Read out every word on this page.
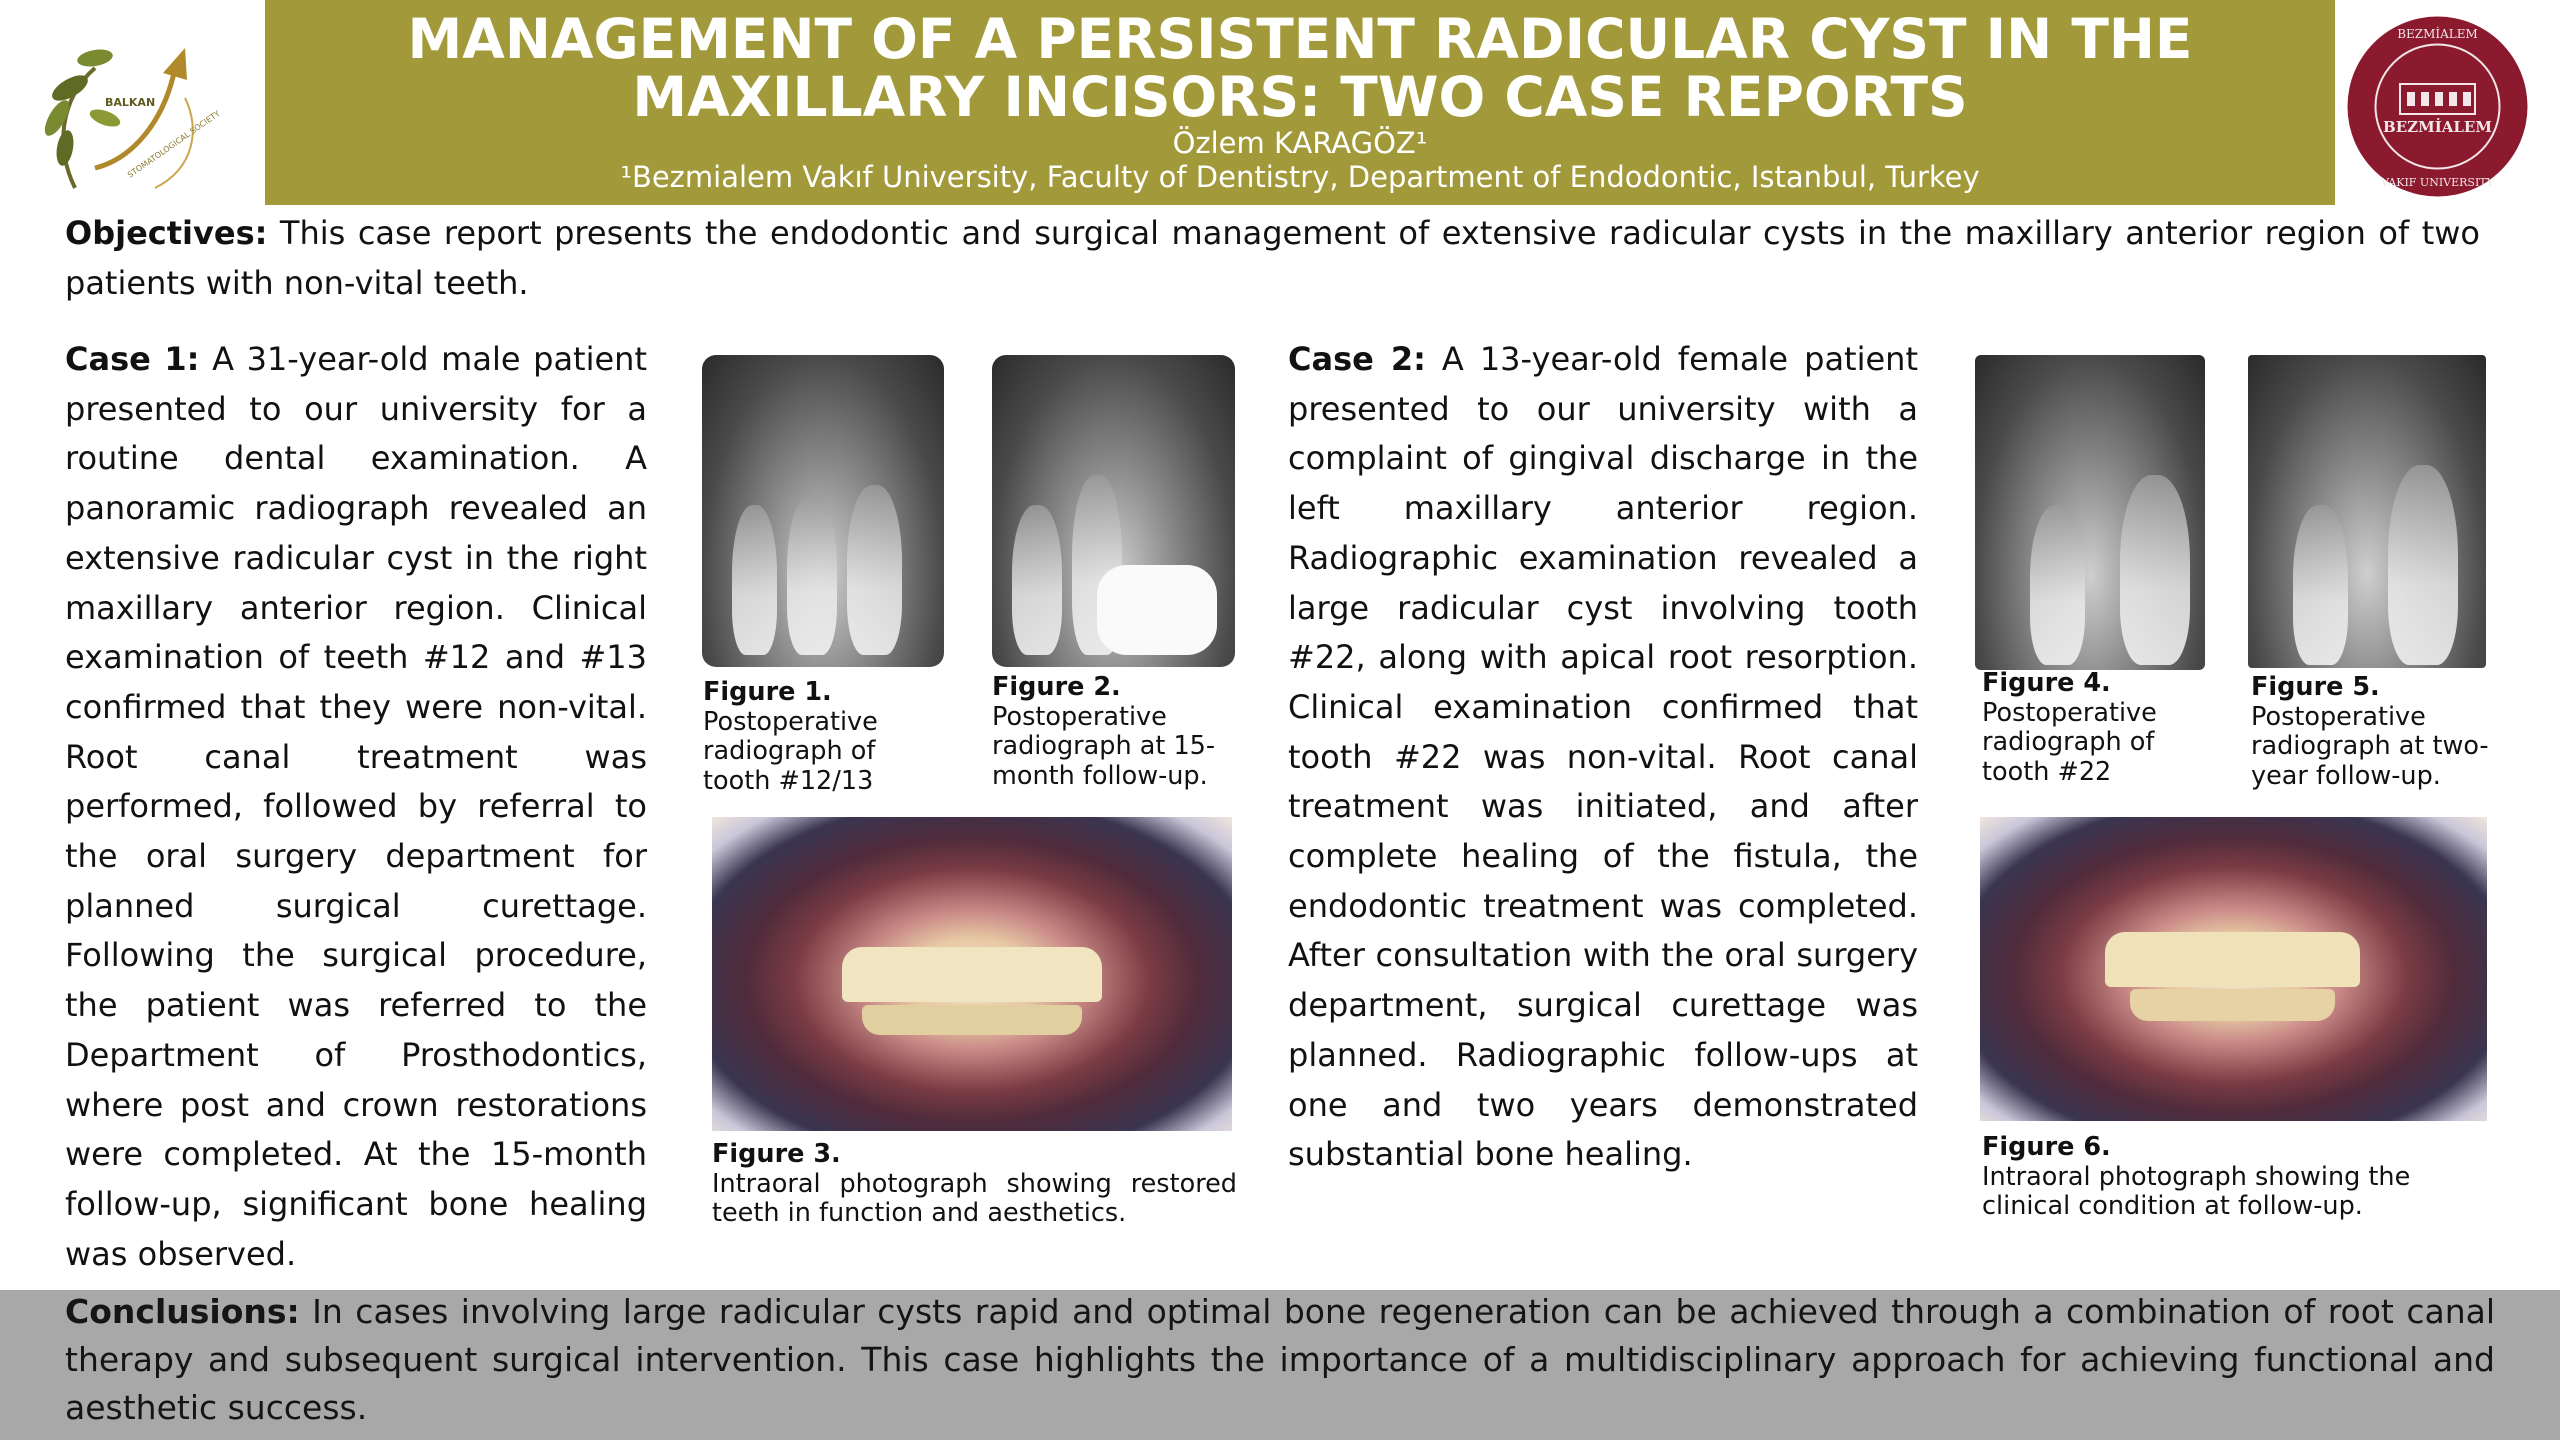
MANAGEMENT OF A PERSISTENT RADICULAR CYST IN THE
MAXILLARY INCISORS: TWO CASE REPORTS
Özlem KARAGÖZ¹
¹Bezmialem Vakıf University, Faculty of Dentistry, Department of Endodontic, Istanbul, Turkey
BALKAN
STOMATOLOGICAL SOCIETY	BEZMİALEM
BEZMİALEM
VAKIF UNIVERSITY
Objectives: This case report presents the endodontic and surgical management of extensive radicular cysts in the maxillary anterior region of two patients with non-vital teeth.
Case 1: A 31-year-old male patient presented to our university for a routine dental examination. A panoramic radiograph revealed an extensive radicular cyst in the right maxillary anterior region. Clinical examination of teeth #12 and #13 confirmed that they were non-vital. Root canal treatment was performed, followed by referral to the oral surgery department for planned surgical curettage. Following the surgical procedure, the patient was referred to the Department of Prosthodontics, where post and crown restorations were completed. At the 15-month follow-up, significant bone healing was observed.
Figure 1.
Postoperative radiograph of tooth #12/13
Figure 2.
Postoperative radiograph at 15-month follow-up.
Figure 3.
Intraoral photograph showing restored teeth in function and aesthetics.
Case 2: A 13-year-old female patient presented to our university with a complaint of gingival discharge in the left maxillary anterior region. Radiographic examination revealed a large radicular cyst involving tooth #22, along with apical root resorption. Clinical examination confirmed that tooth #22 was non-vital. Root canal treatment was initiated, and after complete healing of the fistula, the endodontic treatment was completed. After consultation with the oral surgery department, surgical curettage was planned. Radiographic follow-ups at one and two years demonstrated substantial bone healing.
Figure 4.
Postoperative radiograph of tooth #22
Figure 5.
Postoperative radiograph at two-year follow-up.
Figure 6.
Intraoral photograph showing the clinical condition at follow-up.
Conclusions: In cases involving large radicular cysts rapid and optimal bone regeneration can be achieved through a combination of root canal therapy and subsequent surgical intervention. This case highlights the importance of a multidisciplinary approach for achieving functional and aesthetic success.
